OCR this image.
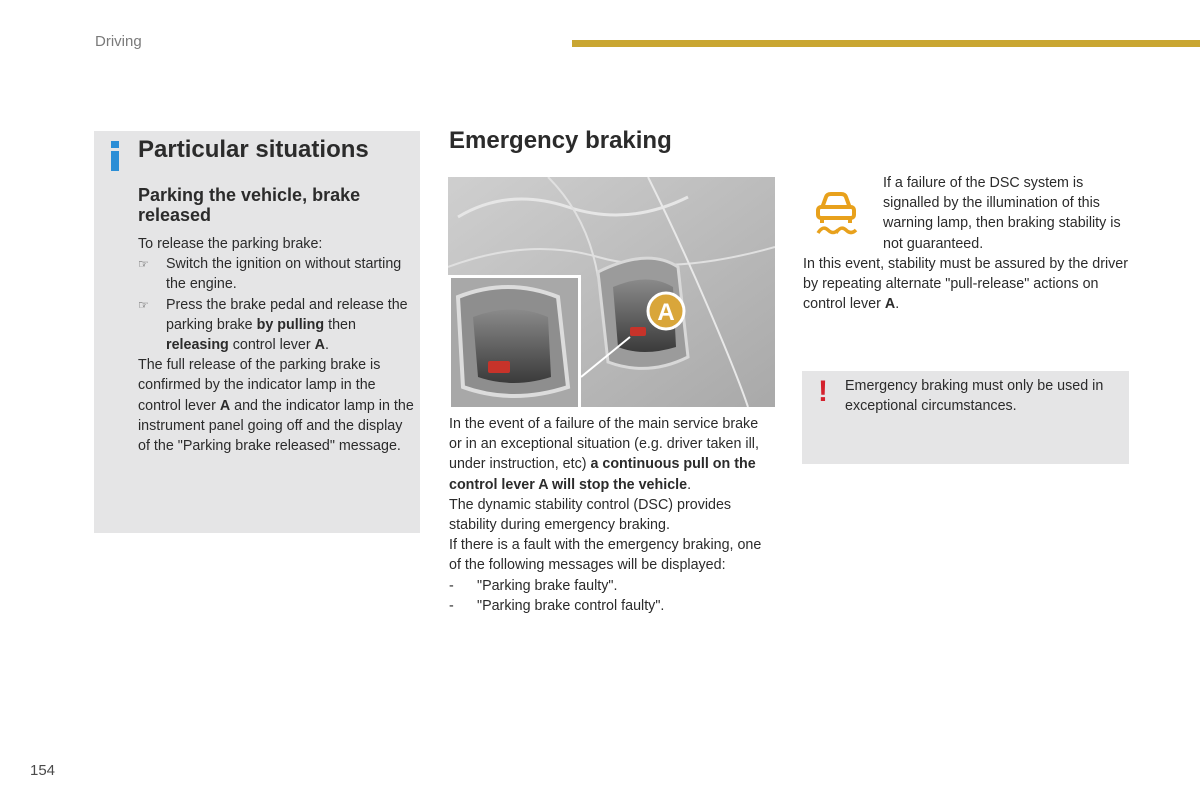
Driving
154
Particular situations
Parking the vehicle, brake released
To release the parking brake:
☞	Switch the ignition on without starting the engine.
☞	Press the brake pedal and release the parking brake by pulling then releasing control lever A.
The full release of the parking brake is confirmed by the indicator lamp in the control lever A and the indicator lamp in the instrument panel going off and the display of the "Parking brake released" message.
Emergency braking
A
In the event of a failure of the main service brake or in an exceptional situation (e.g. driver taken ill, under instruction, etc) a continuous pull on the control lever A will stop the vehicle.
The dynamic stability control (DSC) provides stability during emergency braking.
If there is a fault with the emergency braking, one of the following messages will be displayed:
-	"Parking brake faulty".
-	"Parking brake control faulty".
If a failure of the DSC system is signalled by the illumination of this warning lamp, then braking stability is not guaranteed.
In this event, stability must be assured by the driver by repeating alternate "pull-release" actions on control lever A.
! Emergency braking must only be used in exceptional circumstances.
